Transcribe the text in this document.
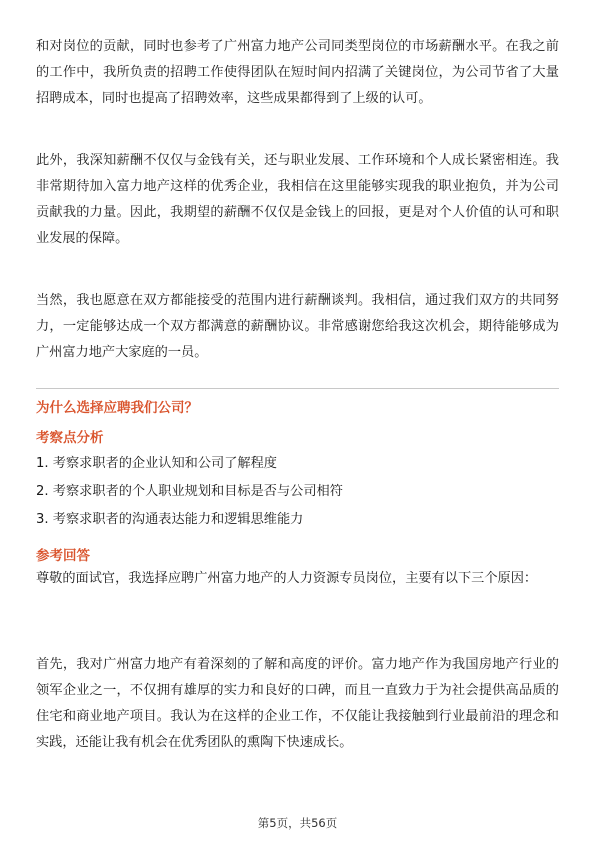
和对岗位的贡献，同时也参考了广州富力地产公司同类型岗位的市场薪酬水平。在我之前的工作中，我所负责的招聘工作使得团队在短时间内招满了关键岗位，为公司节省了大量招聘成本，同时也提高了招聘效率，这些成果都得到了上级的认可。

此外，我深知薪酬不仅仅与金钱有关，还与职业发展、工作环境和个人成长紧密相连。我非常期待加入富力地产这样的优秀企业，我相信在这里能够实现我的职业抱负，并为公司贡献我的力量。因此，我期望的薪酬不仅仅是金钱上的回报，更是对个人价值的认可和职业发展的保障。

当然，我也愿意在双方都能接受的范围内进行薪酬谈判。我相信，通过我们双方的共同努力，一定能够达成一个双方都满意的薪酬协议。非常感谢您给我这次机会，期待能够成为广州富力地产大家庭的一员。

为什么选择应聘我们公司？

考察点分析

1. 考察求职者的企业认知和公司了解程度

2. 考察求职者的个人职业规划和目标是否与公司相符

3. 考察求职者的沟通表达能力和逻辑思维能力

参考回答

尊敬的面试官，我选择应聘广州富力地产的人力资源专员岗位，主要有以下三个原因：

首先，我对广州富力地产有着深刻的了解和高度的评价。富力地产作为我国房地产行业的领军企业之一，不仅拥有雄厚的实力和良好的口碑，而且一直致力于为社会提供高品质的住宅和商业地产项目。我认为在这样的企业工作，不仅能让我接触到行业最前沿的理念和实践，还能让我有机会在优秀团队的熏陶下快速成长。

第5页，共56页
